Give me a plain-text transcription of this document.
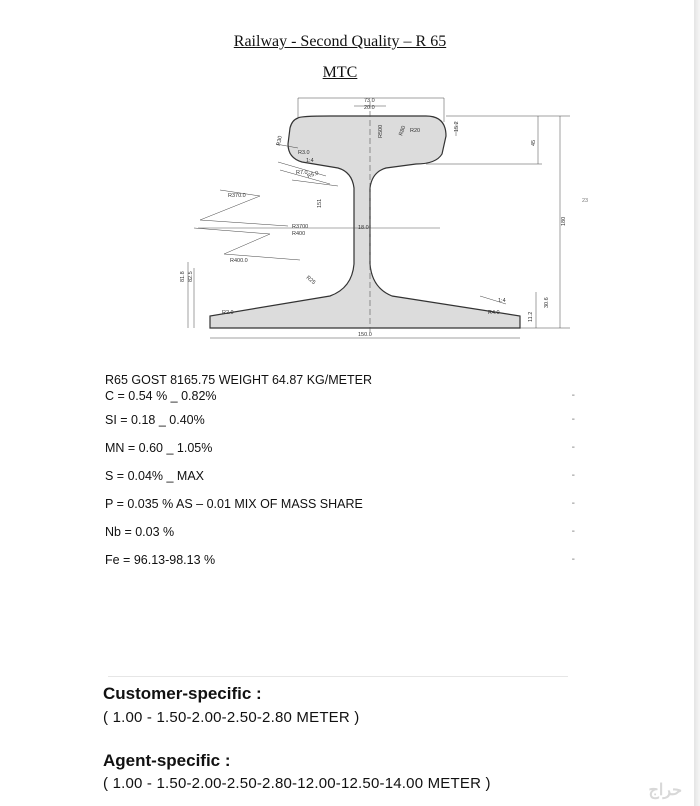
Railway - Second Quality – R 65
MTC
73.0
20.0
R30
R500	R80 R20	15.2
45
180
23
R3.0
1:4
R7.0 R5.0
R370.0
151
R3700
R400
18.0
R400.0
81.8 82.5	R25
1:4
R2.0	R4.0
30.6
11.2
150.0
R65 GOST 8165.75 WEIGHT 64.87 KG/METER
C = 0.54 % _ 0.82%	-
SI = 0.18 _ 0.40%	-
MN = 0.60 _ 1.05%	-
S = 0.04% _ MAX	-
P = 0.035 % AS – 0.01 MIX OF MASS SHARE	-
Nb = 0.03 %	-
Fe = 96.13-98.13 %	-
Customer-specific :
( 1.00 - 1.50-2.00-2.50-2.80 METER )
Agent-specific :
( 1.00 - 1.50-2.00-2.50-2.80-12.00-12.50-14.00 METER )	حراج
